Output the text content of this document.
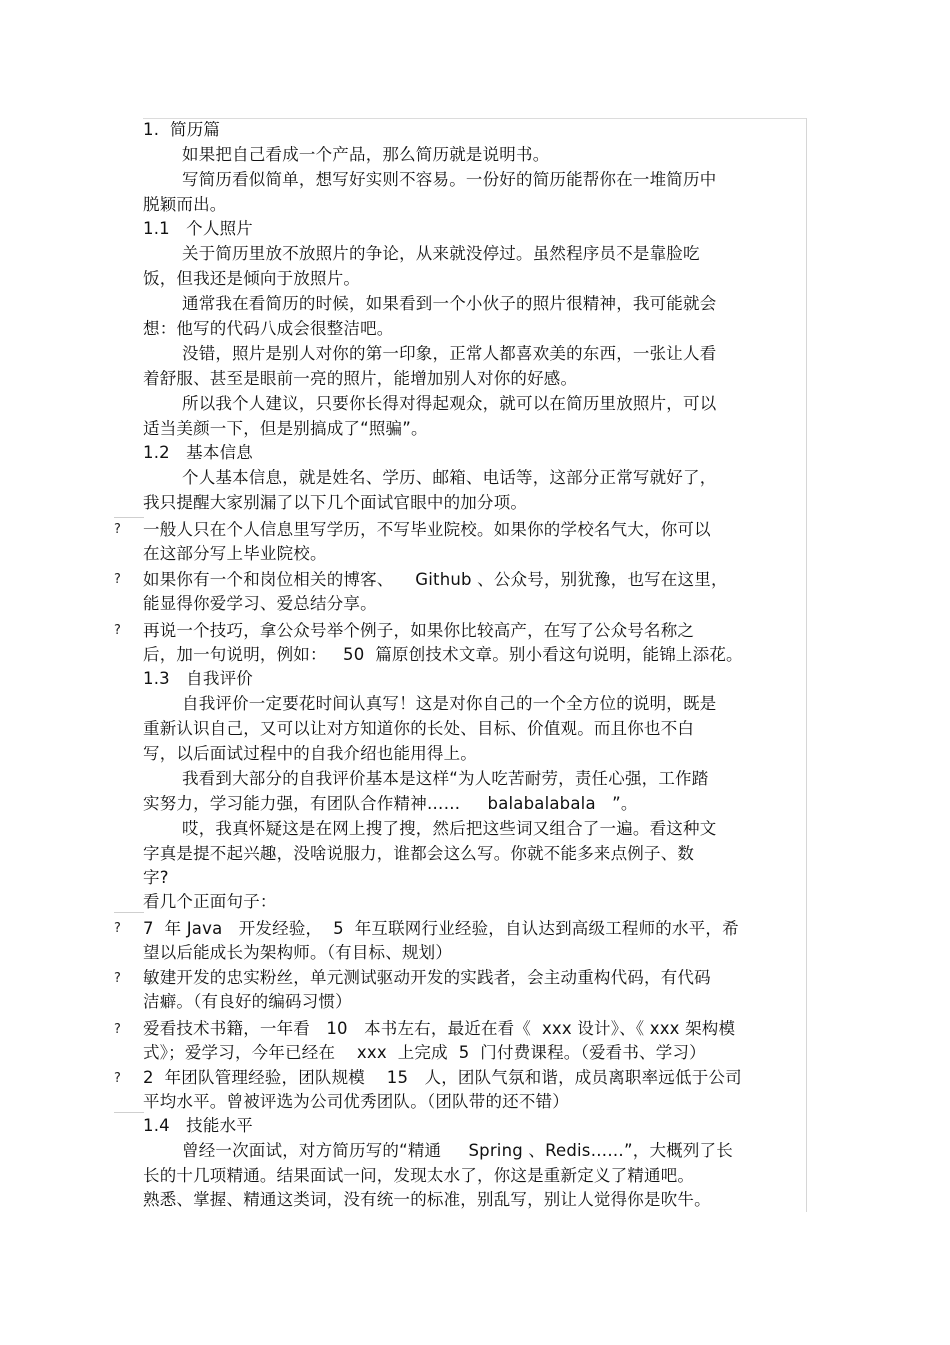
1.  简历篇
如果把自己看成一个产品，那么简历就是说明书。
写简历看似简单，想写好实则不容易。一份好的简历能帮你在一堆简历中
脱颖而出。
1.1   个人照片
关于简历里放不放照片的争论，从来就没停过。虽然程序员不是靠脸吃
饭，但我还是倾向于放照片。
通常我在看简历的时候，如果看到一个小伙子的照片很精神，我可能就会
想：他写的代码八成会很整洁吧。
没错，照片是别人对你的第一印象，正常人都喜欢美的东西，一张让人看
着舒服、甚至是眼前一亮的照片，能增加别人对你的好感。
所以我个人建议，只要你长得对得起观众，就可以在简历里放照片，可以
适当美颜一下，但是别搞成了“照骗”。
1.2   基本信息
个人基本信息，就是姓名、学历、邮箱、电话等，这部分正常写就好了，
我只提醒大家别漏了以下几个面试官眼中的加分项。
? 一般人只在个人信息里写学历，不写毕业院校。如果你的学校名气大，你可以
在这部分写上毕业院校。
? 如果你有一个和岗位相关的博客、    Github 、公众号，别犹豫，也写在这里，
能显得你爱学习、爱总结分享。
? 再说一个技巧，拿公众号举个例子，如果你比较高产，在写了公众号名称之
后，加一句说明，例如：   50  篇原创技术文章。别小看这句说明，能锦上添花。
1.3   自我评价
自我评价一定要花时间认真写！这是对你自己的一个全方位的说明，既是
重新认识自己，又可以让对方知道你的长处、目标、价值观。而且你也不白
写，以后面试过程中的自我介绍也能用得上。
我看到大部分的自我评价基本是这样“为人吃苦耐劳，责任心强，工作踏
实努力，学习能力强，有团队合作精神……     balabalabala   ”。
哎，我真怀疑这是在网上搜了搜，然后把这些词又组合了一遍。看这种文
字真是提不起兴趣，没啥说服力，谁都会这么写。你就不能多来点例子、数
字?
看几个正面句子：
? 7  年 Java   开发经验，  5  年互联网行业经验，自认达到高级工程师的水平，希
望以后能成长为架构师。（有目标、规划）
? 敏建开发的忠实粉丝，单元测试驱动开发的实践者，会主动重构代码，有代码
洁癖。（有良好的编码习惯）
? 爱看技术书籍，一年看   10   本书左右，最近在看《  xxx 设计》、《 xxx 架构模
式》；爱学习，今年已经在    xxx  上完成  5  门付费课程。（爱看书、学习）
? 2  年团队管理经验，团队规模    15   人，团队气氛和谐，成员离职率远低于公司
平均水平。曾被评选为公司优秀团队。（团队带的还不错）
1.4   技能水平
曾经一次面试，对方简历写的“精通     Spring 、Redis……”，大概列了长
长的十几项精通。结果面试一问，发现太水了，你这是重新定义了精通吧。
熟悉、掌握、精通这类词，没有统一的标准，别乱写，别让人觉得你是吹牛。
